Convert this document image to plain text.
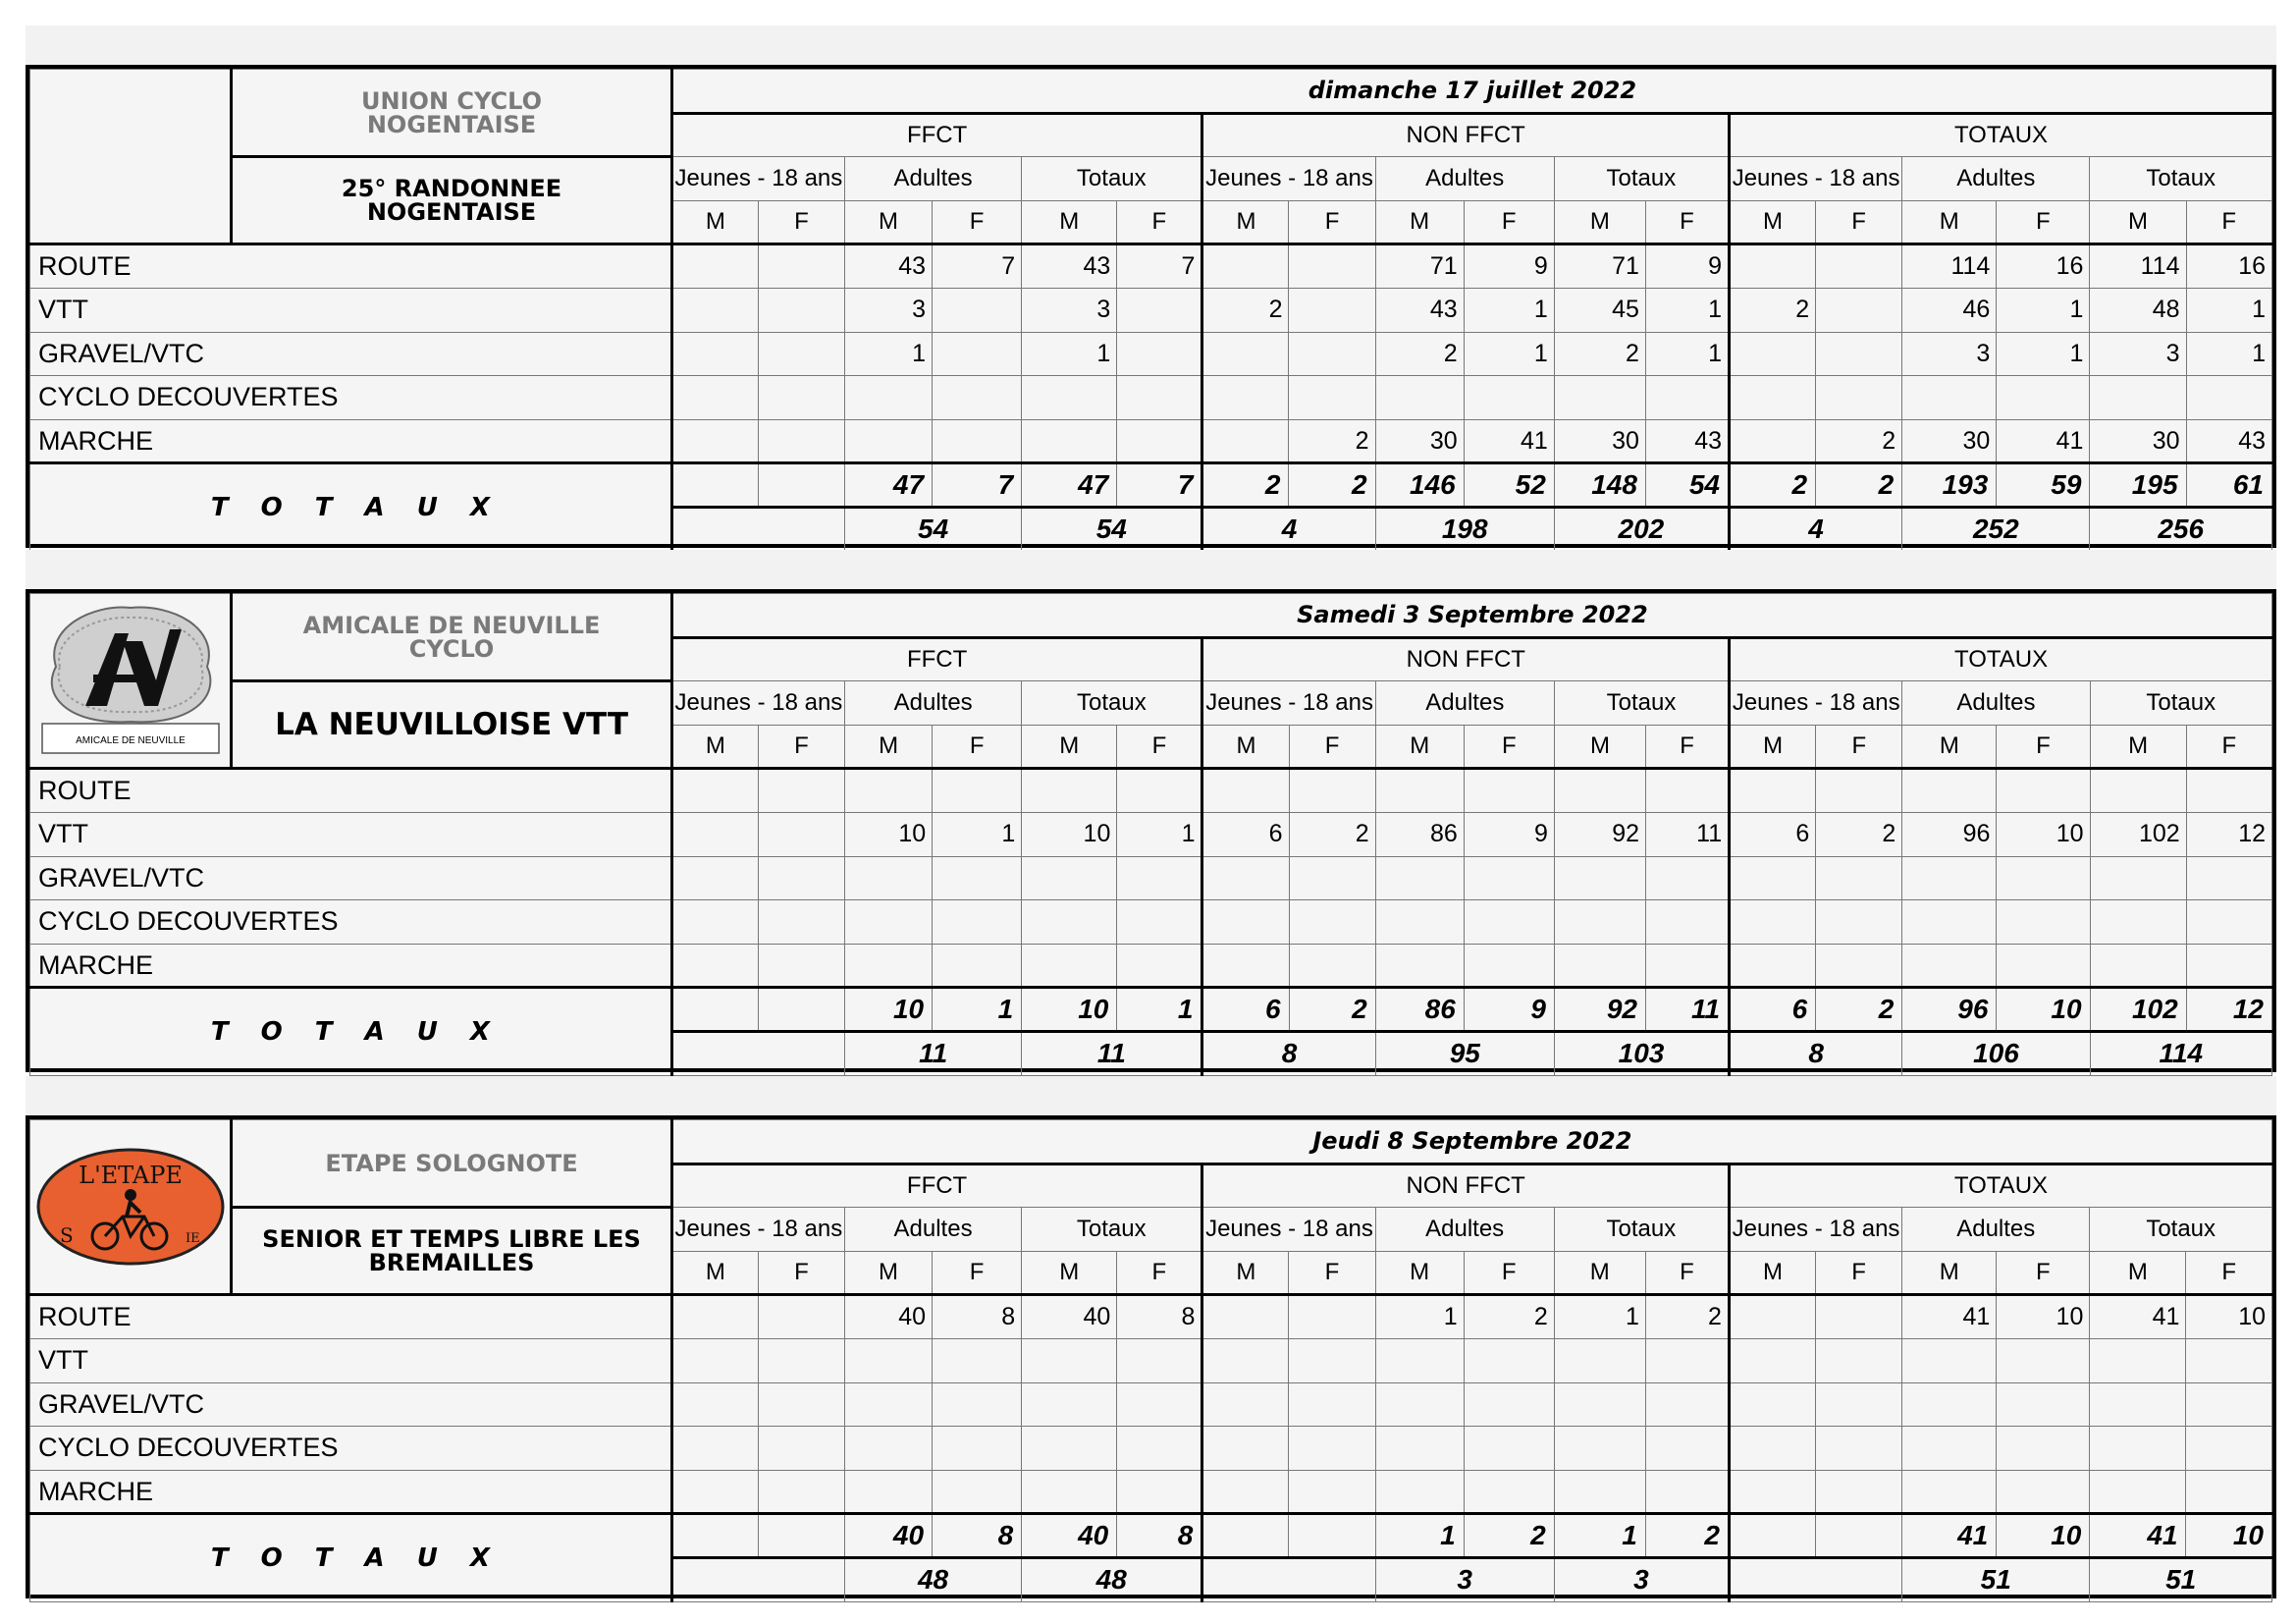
	UNION CYCLO
NOGENTAISE	dimanche 17 juillet 2022																	
		FFCT						NON FFCT						TOTAUX					

	25° RANDONNEE
NOGENTAISE	Jeunes - 18 ans		Adultes		Totaux		Jeunes - 18 ans		Adultes		Totaux		Jeunes - 18 ans		Adultes		Totaux	
		M	F	M	F	M	F	M	F	M	F	M	F	M	F	M	F	M	F
ROUTE				43	7	43	7			71	9	71	9			114	16	114	16
VTT				3		3		2		43	1	45	1	2		46	1	48	1
GRAVEL/VTC				1		1				2	1	2	1			3	1	3	1
CYCLO DECOUVERTES																			
MARCHE									2	30	41	30	43		2	30	41	30	43
T O T A U X				47	7	47	7	2	2	146	52	148	54	2	2	193	59	195	61
				54		54		4		198		202		4		252		256	
AMICALE DE NEUVILLE	AMICALE DE NEUVILLE
CYCLO	Samedi 3 Septembre 2022																	
		FFCT						NON FFCT						TOTAUX					

	LA NEUVILLOISE VTT	Jeunes - 18 ans		Adultes		Totaux		Jeunes - 18 ans		Adultes		Totaux		Jeunes - 18 ans		Adultes		Totaux	
		M	F	M	F	M	F	M	F	M	F	M	F	M	F	M	F	M	F
ROUTE																			
VTT				10	1	10	1	6	2	86	9	92	11	6	2	96	10	102	12
GRAVEL/VTC																			
CYCLO DECOUVERTES																			
MARCHE																			
T O T A U X				10	1	10	1	6	2	86	9	92	11	6	2	96	10	102	12
				11		11		8		95		103		8		106		114	
S IE
L'ETAPE	ETAPE SOLOGNOTE	Jeudi 8 Septembre 2022																	
		FFCT						NON FFCT						TOTAUX					

	SENIOR ET TEMPS LIBRE LES
BREMAILLES	Jeunes - 18 ans		Adultes		Totaux		Jeunes - 18 ans		Adultes		Totaux		Jeunes - 18 ans		Adultes		Totaux	
		M	F	M	F	M	F	M	F	M	F	M	F	M	F	M	F	M	F
ROUTE				40	8	40	8			1	2	1	2			41	10	41	10
VTT																			
GRAVEL/VTC																			
CYCLO DECOUVERTES																			
MARCHE																			
T O T A U X				40	8	40	8			1	2	1	2			41	10	41	10
				48		48				3		3				51		51	
